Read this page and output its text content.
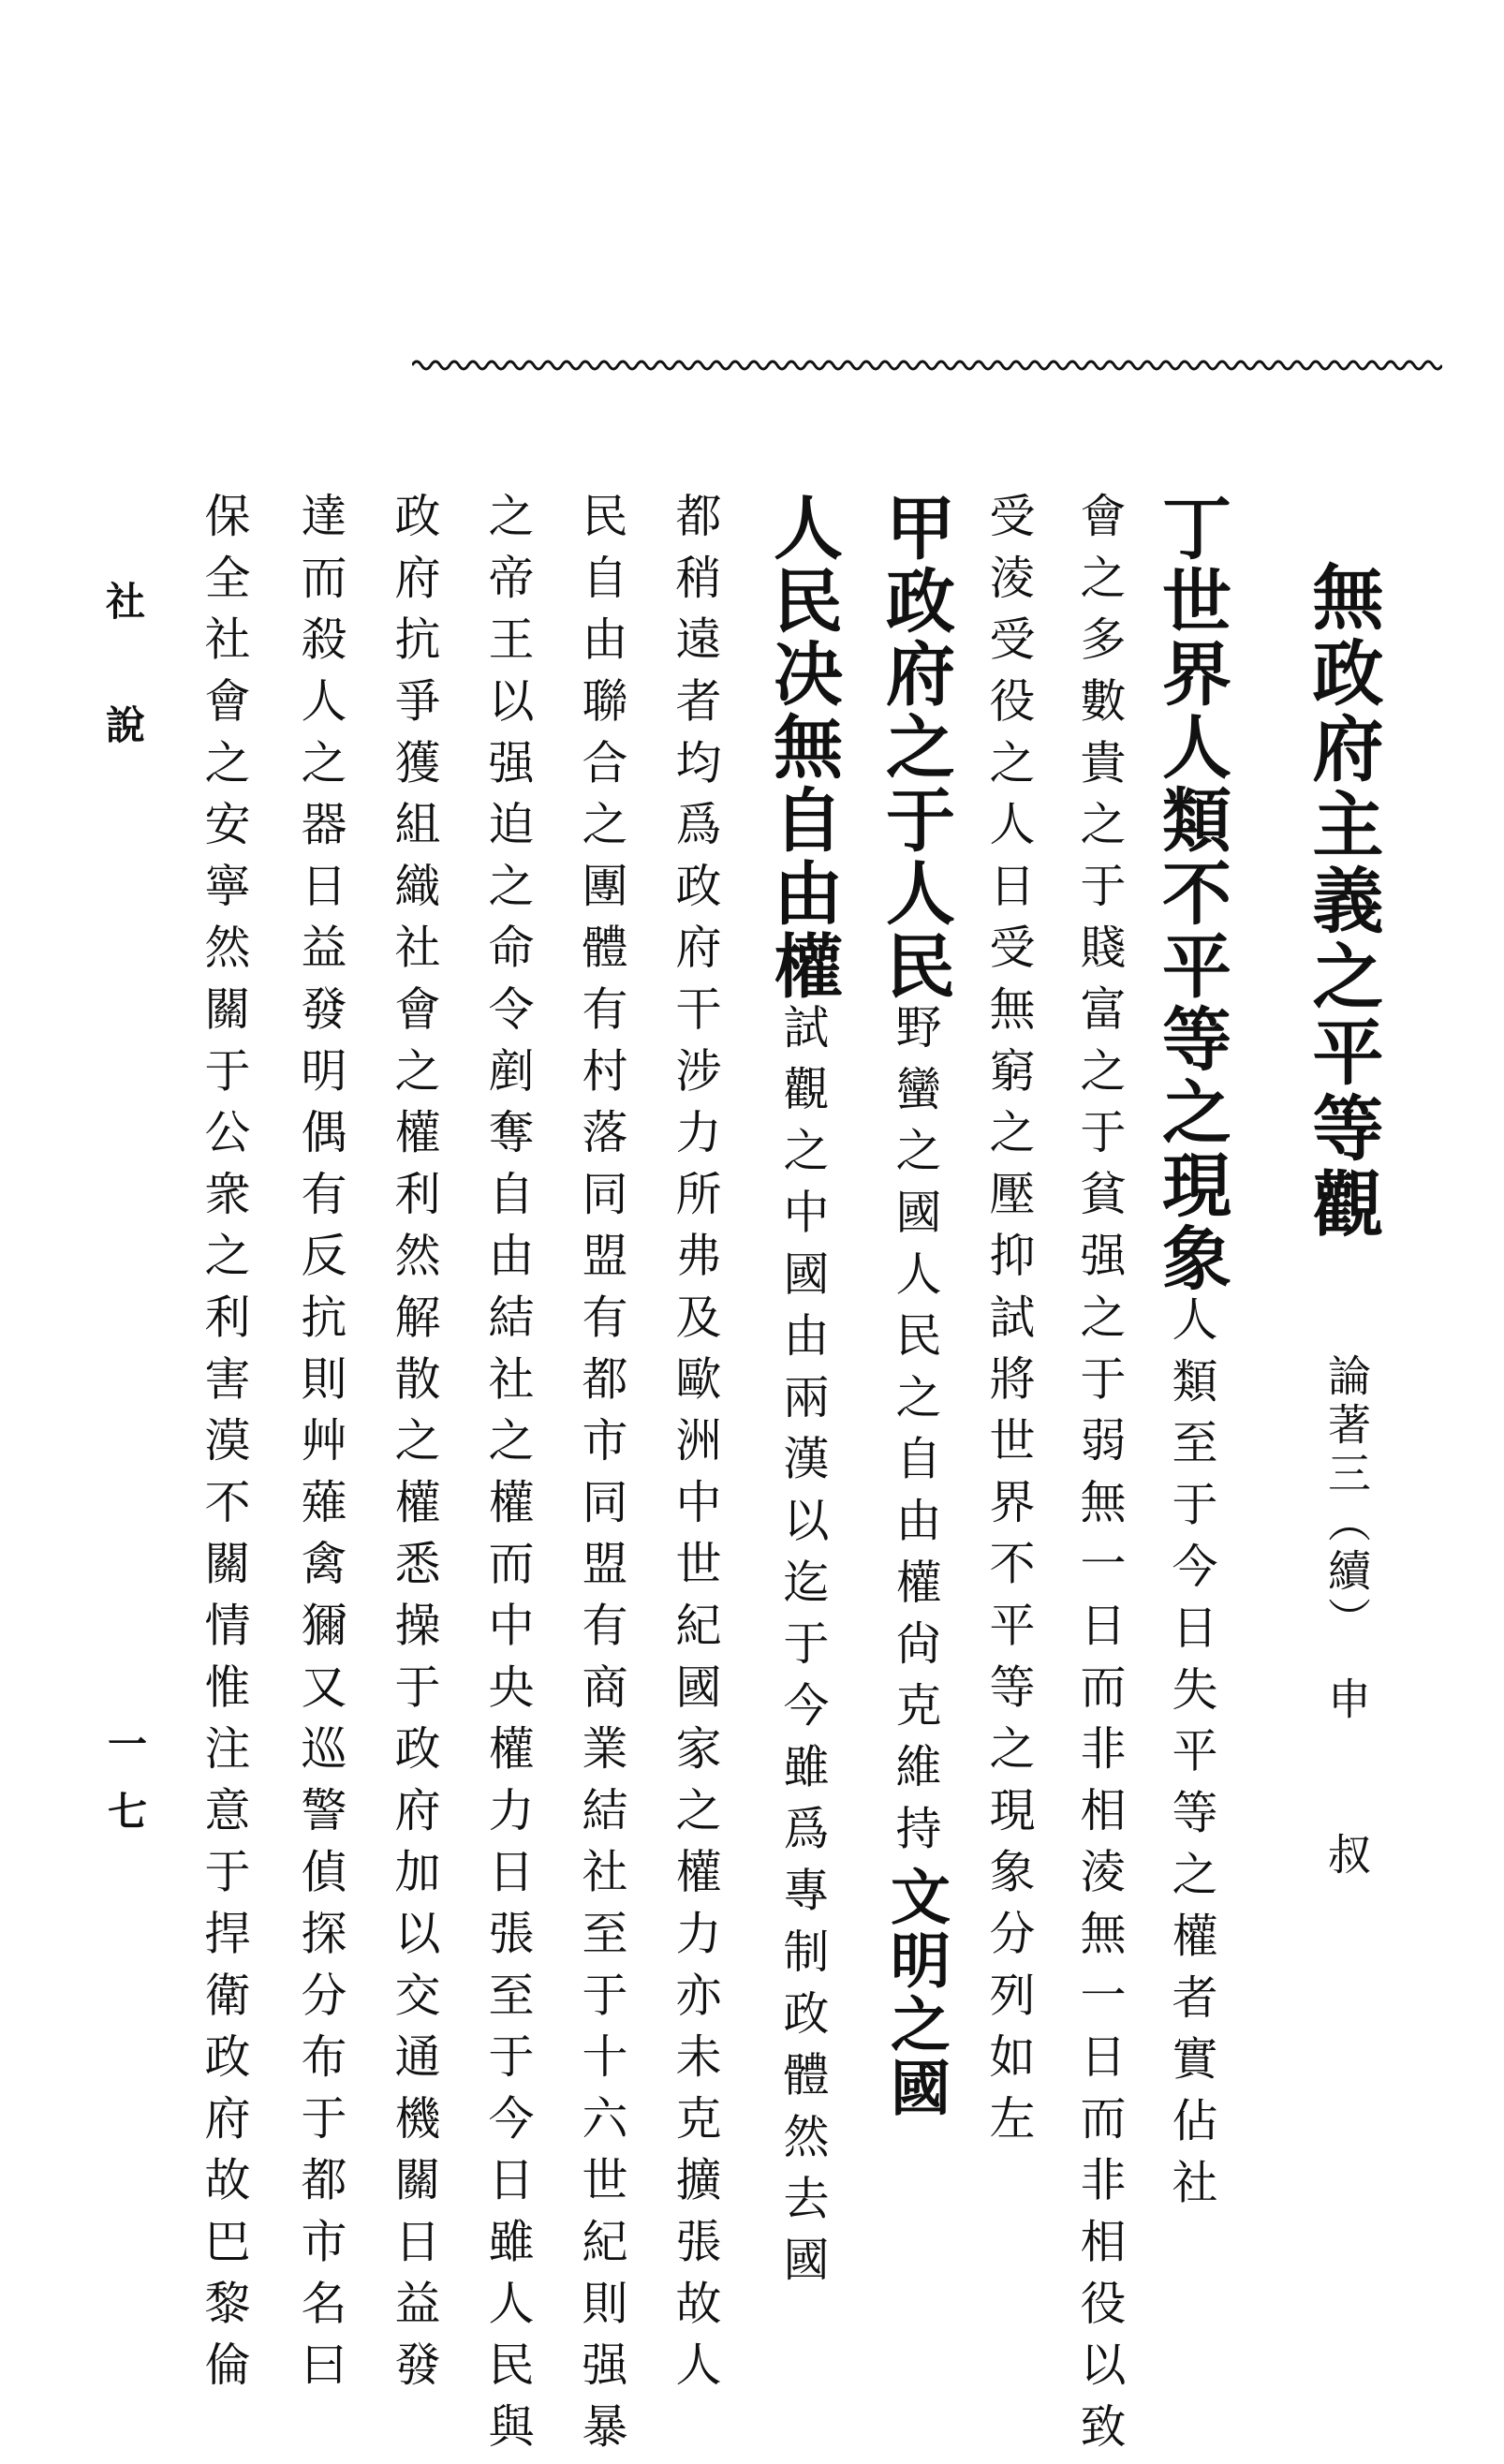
無政府主義之平等觀
論著三（續）
申叔

丁世界人類不平等之現象人類至于今日失平等之權者實佔社

會之多數貴之于賤富之于貧强之于弱無一日而非相淩無一日而非相役以致

受淩受役之人日受無窮之壓抑試將世界不平等之現象分列如左

甲政府之于人民野蠻之國人民之自由權尙克維持文明之國

人民决無自由權試觀之中國由兩漢以迄于今雖爲專制政體然去國

都稍遠者均爲政府干涉力所弗及歐洲中世紀國家之權力亦未克擴張故人

民自由聯合之團體有村落同盟有都市同盟有商業結社至于十六世紀則强暴

之帝王以强迫之命令剷奪自由結社之權而中央權力日張至于今日雖人民與

政府抗爭獲組織社會之權利然解散之權悉操于政府加以交通機關日益發

達而殺人之器日益發明偶有反抗則艸薙禽獮又巡警偵探分布于都市名曰

保全社會之安寧然關于公衆之利害漠不關情惟注意于捍衛政府故巴黎倫

社說
一七
